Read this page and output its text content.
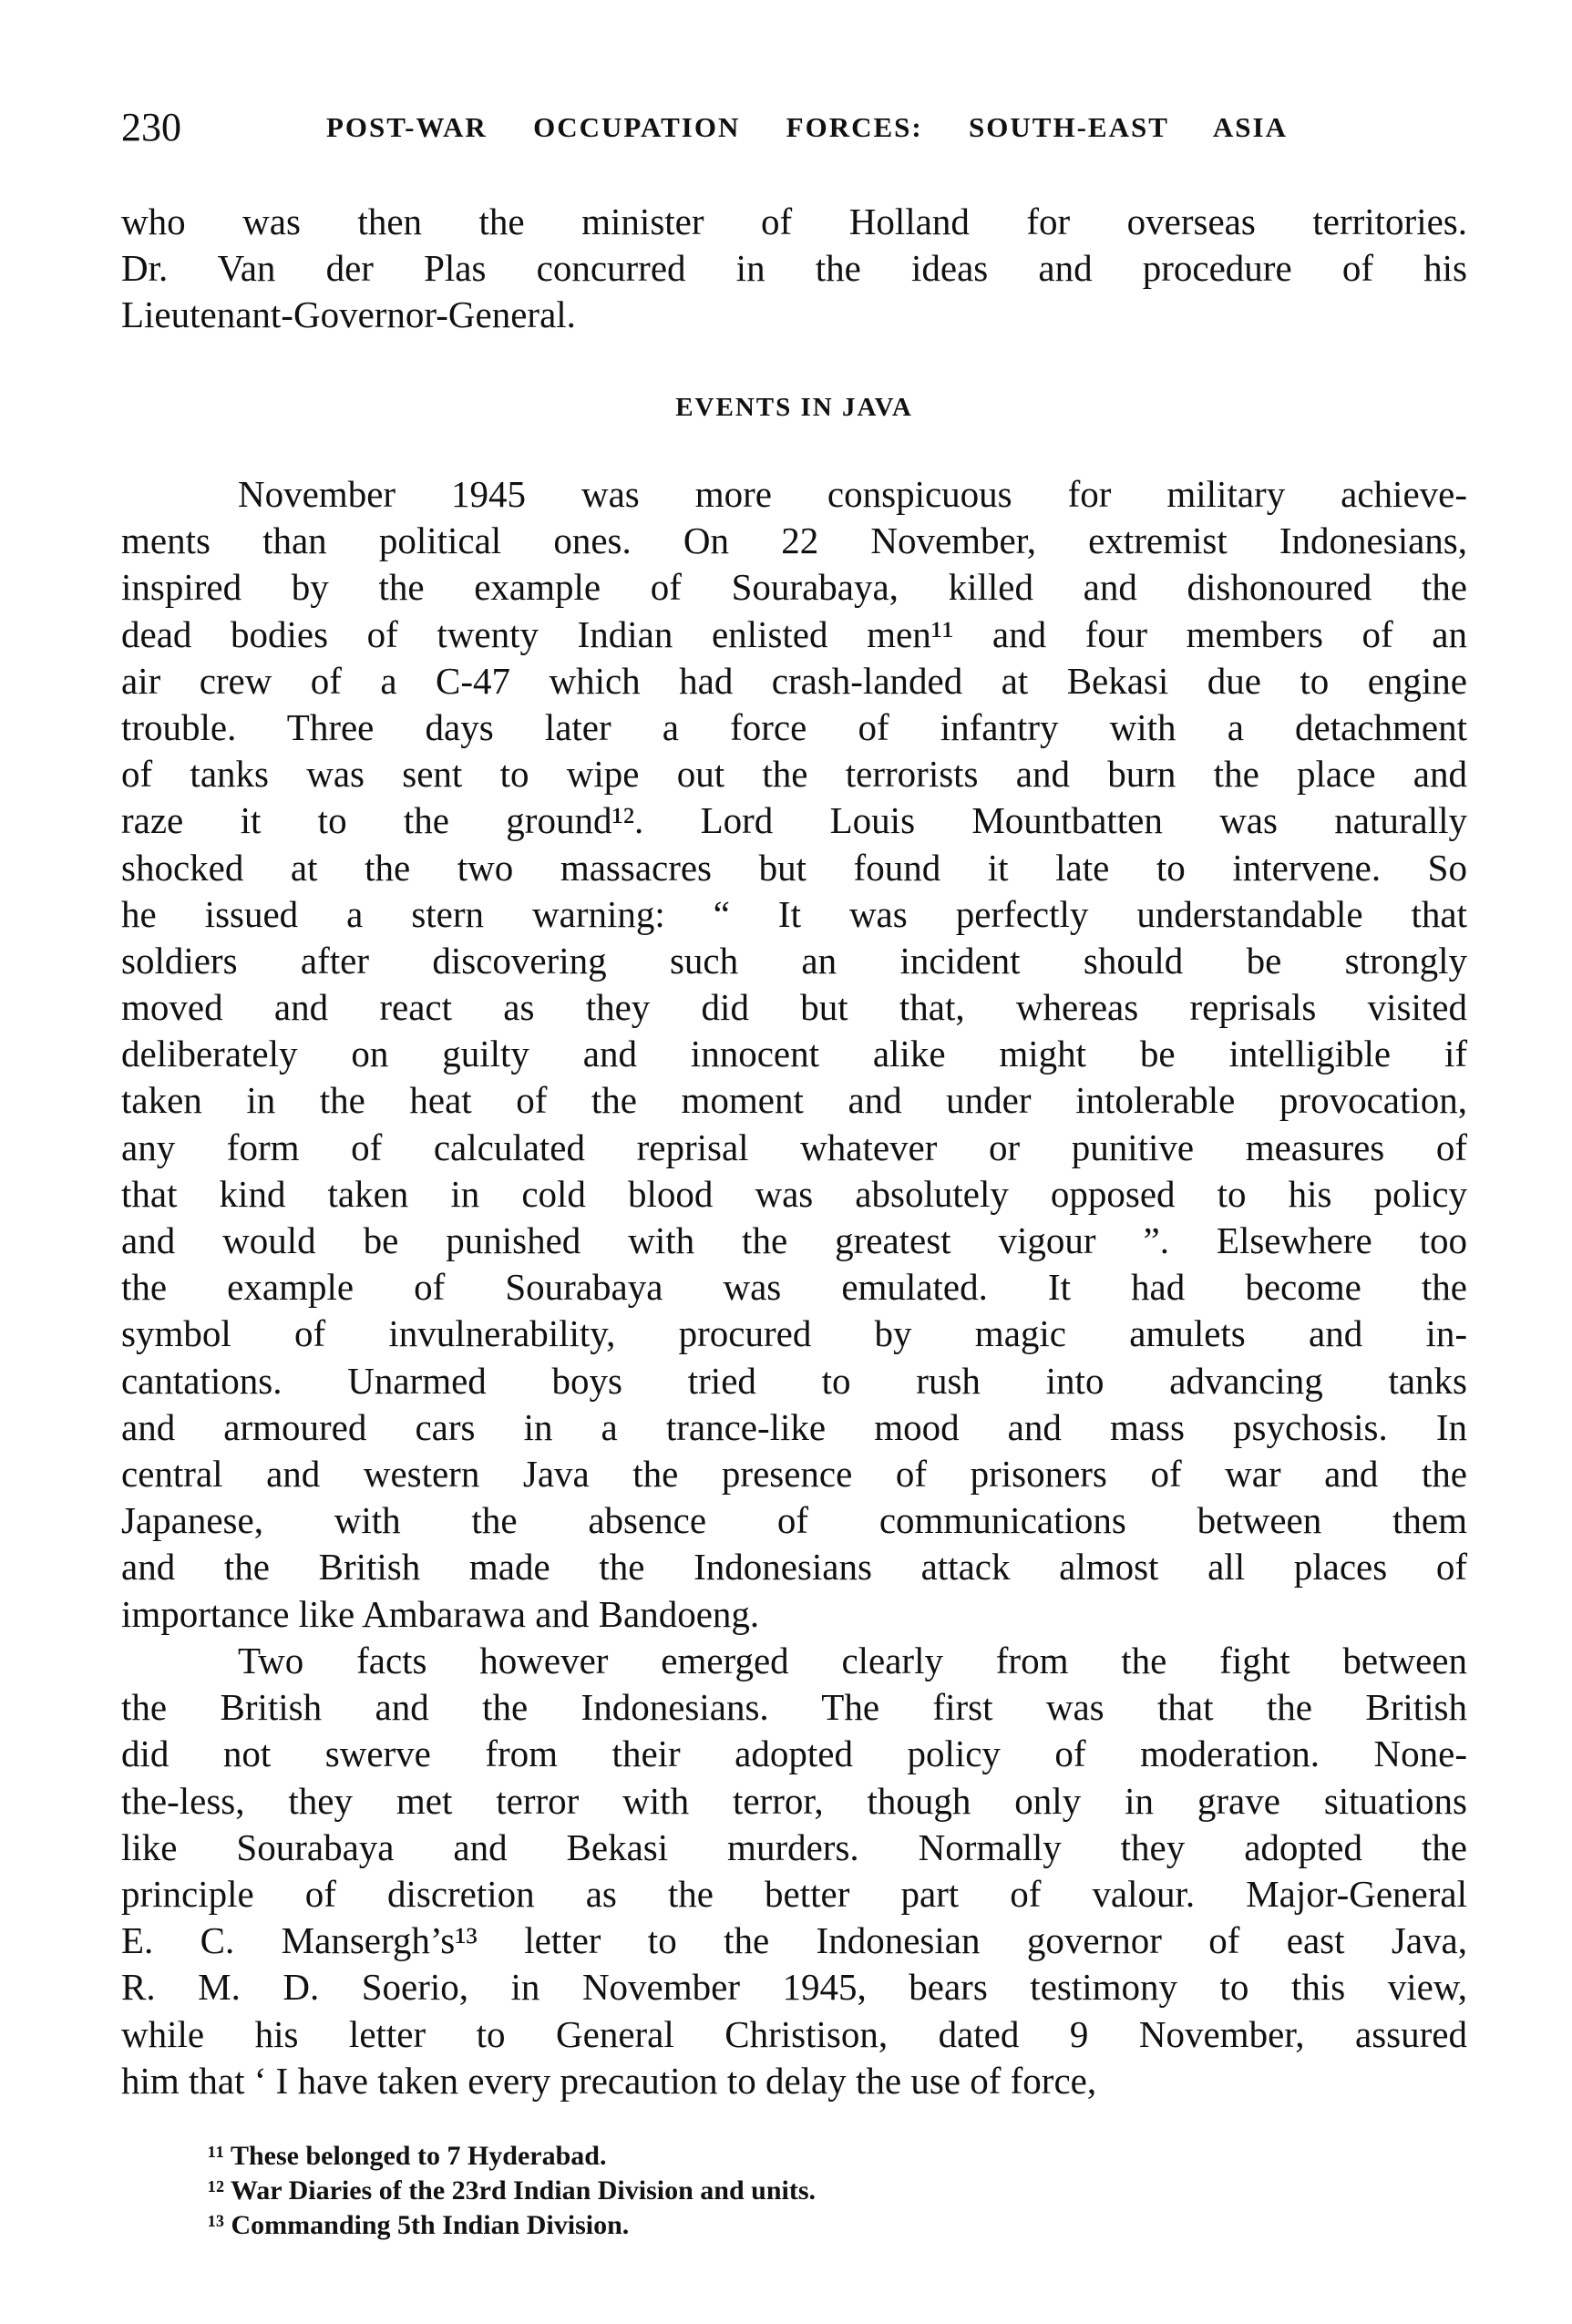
230	POST-WAR OCCUPATION FORCES: SOUTH-EAST ASIA
who was then the minister of Holland for overseas territories.
Dr. Van der Plas concurred in the ideas and procedure of his
Lieutenant-Governor-General.
EVENTS IN JAVA
November 1945 was more conspicuous for military achieve-
ments than political ones. On 22 November, extremist Indonesians,
inspired by the example of Sourabaya, killed and dishonoured the
dead bodies of twenty Indian enlisted men¹¹ and four members of an
air crew of a C-47 which had crash-landed at Bekasi due to engine
trouble. Three days later a force of infantry with a detachment
of tanks was sent to wipe out the terrorists and burn the place and
raze it to the ground¹². Lord Louis Mountbatten was naturally
shocked at the two massacres but found it late to intervene. So
he issued a stern warning: “ It was perfectly understandable that
soldiers after discovering such an incident should be strongly
moved and react as they did but that, whereas reprisals visited
deliberately on guilty and innocent alike might be intelligible if
taken in the heat of the moment and under intolerable provocation,
any form of calculated reprisal whatever or punitive measures of
that kind taken in cold blood was absolutely opposed to his policy
and would be punished with the greatest vigour ”. Elsewhere too
the example of Sourabaya was emulated. It had become the
symbol of invulnerability, procured by magic amulets and in-
cantations. Unarmed boys tried to rush into advancing tanks
and armoured cars in a trance-like mood and mass psychosis. In
central and western Java the presence of prisoners of war and the
Japanese, with the absence of communications between them
and the British made the Indonesians attack almost all places of
importance like Ambarawa and Bandoeng.
Two facts however emerged clearly from the fight between
the British and the Indonesians. The first was that the British
did not swerve from their adopted policy of moderation. None-
the-less, they met terror with terror, though only in grave situations
like Sourabaya and Bekasi murders. Normally they adopted the
principle of discretion as the better part of valour. Major-General
E. C. Mansergh’s¹³ letter to the Indonesian governor of east Java,
R. M. D. Soerio, in November 1945, bears testimony to this view,
while his letter to General Christison, dated 9 November, assured
him that ‘ I have taken every precaution to delay the use of force,
¹¹ These belonged to 7 Hyderabad.
¹² War Diaries of the 23rd Indian Division and units.
¹³ Commanding 5th Indian Division.
